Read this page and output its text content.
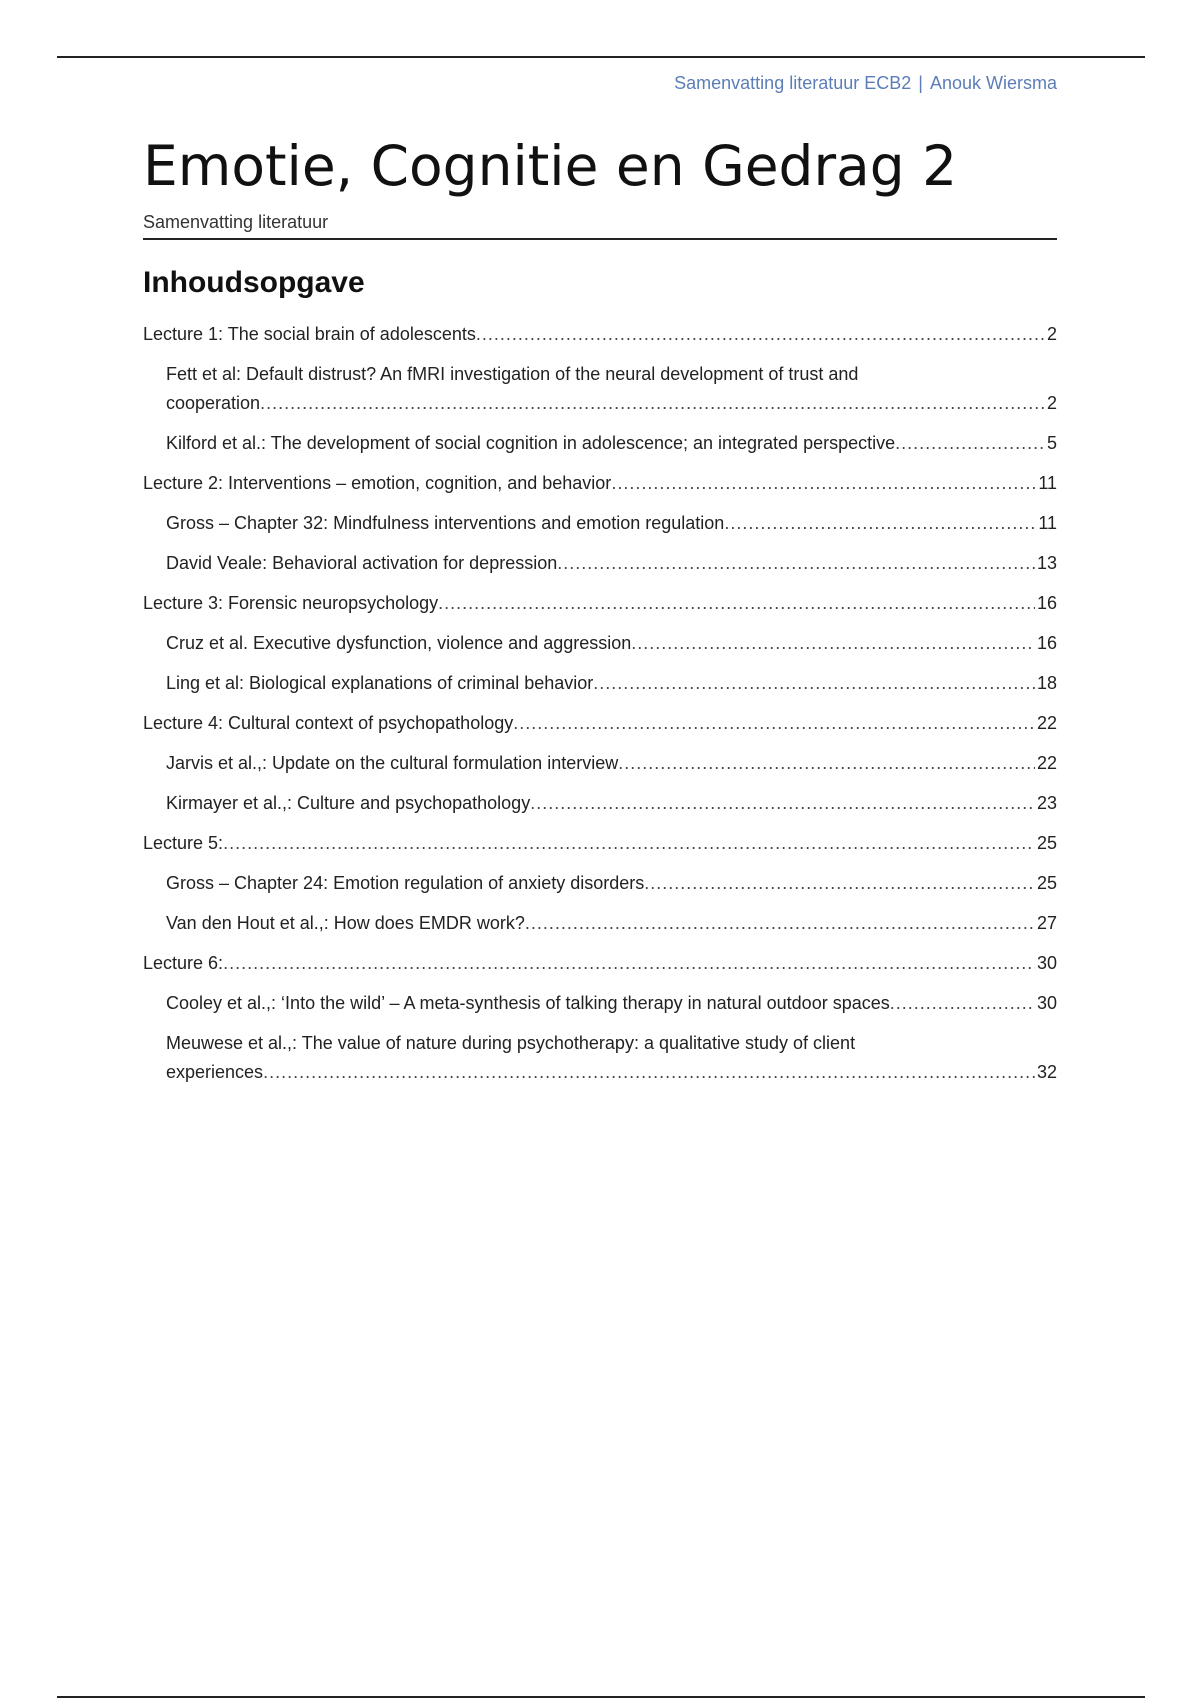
Samenvatting literatuur ECB2 | Anouk Wiersma
Emotie, Cognitie en Gedrag 2
Samenvatting literatuur
Inhoudsopgave
Lecture 1: The social brain of adolescents .....	2
Fett et al: Default distrust? An fMRI investigation of the neural development of trust and
cooperation .....	2
Kilford et al.: The development of social cognition in adolescence; an integrated perspective .....	5
Lecture 2: Interventions – emotion, cognition, and behavior .....	11
Gross – Chapter 32: Mindfulness interventions and emotion regulation .....	11
David Veale: Behavioral activation for depression .....	13
Lecture 3: Forensic neuropsychology .....	16
Cruz et al. Executive dysfunction, violence and aggression .....	16
Ling et al: Biological explanations of criminal behavior .....	18
Lecture 4: Cultural context of psychopathology .....	22
Jarvis et al.,: Update on the cultural formulation interview .....	22
Kirmayer et al.,: Culture and psychopathology .....	23
Lecture 5: .....	25
Gross – Chapter 24: Emotion regulation of anxiety disorders .....	25
Van den Hout et al.,: How does EMDR work? .....	27
Lecture 6: .....	30
Cooley et al.,: ‘Into the wild’ – A meta-synthesis of talking therapy in natural outdoor spaces .....	30
Meuwese et al.,: The value of nature during psychotherapy: a qualitative study of client
experiences .....	32
